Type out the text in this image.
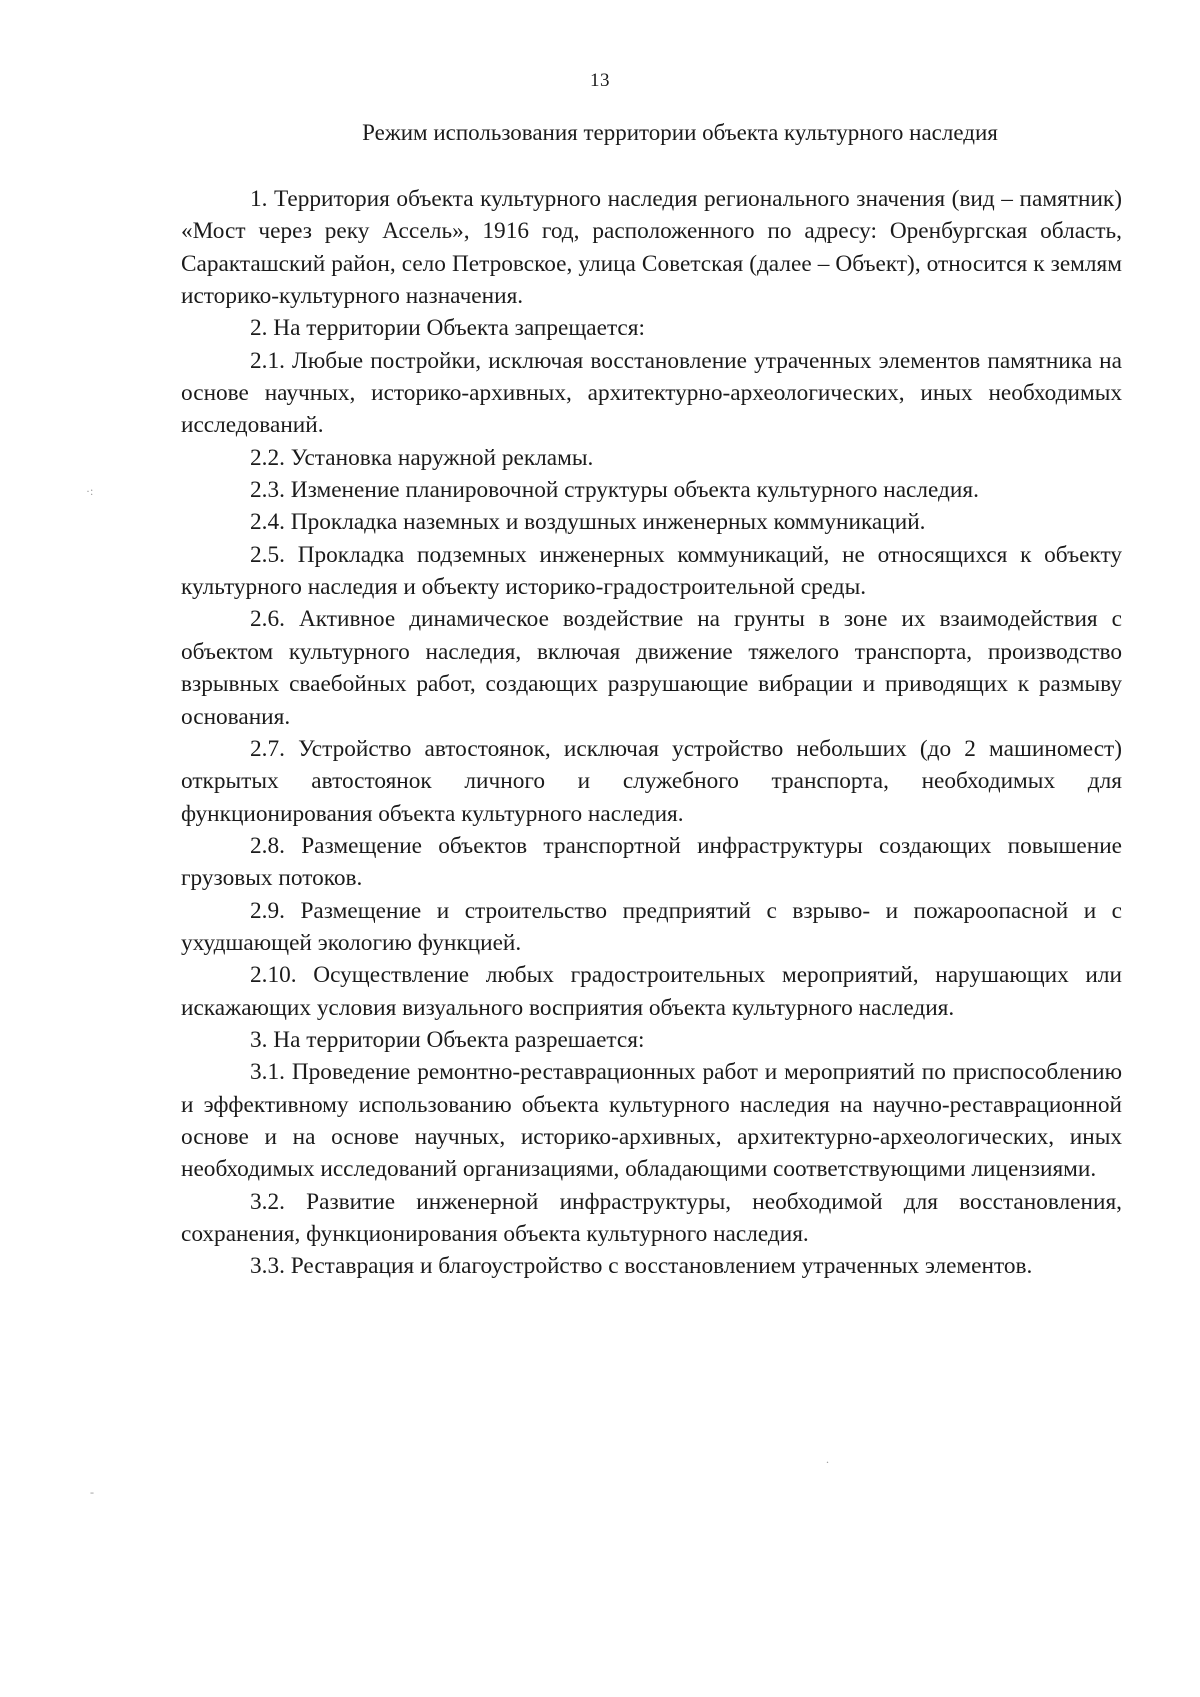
13
Режим использования территории объекта культурного наследия

1. Территория объекта культурного наследия регионального значения (вид – памятник) «Мост через реку Ассель», 1916 год, расположенного по адресу: Оренбургская область, Саракташский район, село Петровское, улица Советская (далее – Объект), относится к землям историко-культурного назначения.

2. На территории Объекта запрещается:

2.1. Любые постройки, исключая восстановление утраченных элементов памятника на основе научных, историко-архивных, архитектурно-археологических, иных необходимых исследований.

2.2. Установка наружной рекламы.

2.3. Изменение планировочной структуры объекта культурного наследия.

2.4. Прокладка наземных и воздушных инженерных коммуникаций.

2.5. Прокладка подземных инженерных коммуникаций, не относящихся к объекту культурного наследия и объекту историко-градостроительной среды.

2.6. Активное динамическое воздействие на грунты в зоне их взаимодействия с объектом культурного наследия, включая движение тяжелого транспорта, производство взрывных сваебойных работ, создающих разрушающие вибрации и приводящих к размыву основания.

2.7. Устройство автостоянок, исключая устройство небольших (до 2 машиномест) открытых автостоянок личного и служебного транспорта, необходимых для функционирования объекта культурного наследия.

2.8. Размещение объектов транспортной инфраструктуры создающих повышение грузовых потоков.

2.9. Размещение и строительство предприятий с взрыво- и пожароопасной и с ухудшающей экологию функцией.

2.10. Осуществление любых градостроительных мероприятий, нарушающих или искажающих условия визуального восприятия объекта культурного наследия.

3. На территории Объекта разрешается:

3.1. Проведение ремонтно-реставрационных работ и мероприятий по приспособлению и эффективному использованию объекта культурного наследия на научно-реставрационной основе и на основе научных, историко-архивных, архитектурно-археологических, иных необходимых исследований организациями, обладающими соответствующими лицензиями.

3.2. Развитие инженерной инфраструктуры, необходимой для восстановления, сохранения, функционирования объекта культурного наследия.

3.3. Реставрация и благоустройство с восстановлением утраченных элементов.

·:
-
.
